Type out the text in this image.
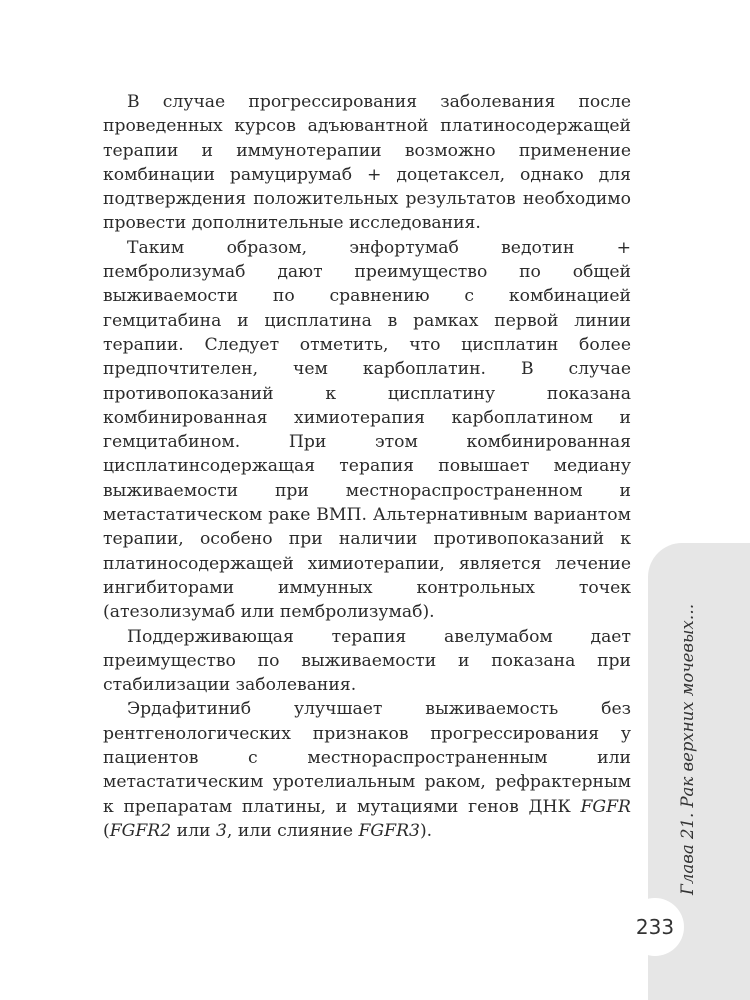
В случае прогрессирования заболевания после проведенных курсов адъювантной платиносодержащей терапии и иммунотерапии возможно применение комбинации рамуцирумаб + доцетаксел, однако для подтверждения положительных результатов необходимо провести дополнительные исследования.

Таким образом, энфортумаб ведотин + пембролизумаб дают преимущество по общей выживаемости по сравнению с комбинацией гемцитабина и цисплатина в рамках первой линии терапии. Следует отметить, что цисплатин более предпочтителен, чем карбоплатин. В случае противопоказаний к цисплатину показана комбинированная химиотерапия карбоплатином и гемцитабином. При этом комбинированная цисплатинсодержащая терапия повышает медиану выживаемости при местнораспространенном и метастатическом раке ВМП. Альтернативным вариантом терапии, особено при наличии противопоказаний к платиносодержащей химиотерапии, является лечение ингибиторами иммунных контрольных точек (атезолизумаб или пембролизумаб).

Поддерживающая терапия авелумабом дает преимущество по выживаемости и показана при стабилизации заболевания.

Эрдафитиниб улучшает выживаемость без рентгенологических признаков прогрессирования у пациентов с местнораспространенным или метастатическим уротелиальным раком, рефрактерным к препаратам платины, и мутациями генов ДНК FGFR (FGFR2 или 3, или слияние FGFR3).	Глава 21. Рак верхних мочевых…
233
